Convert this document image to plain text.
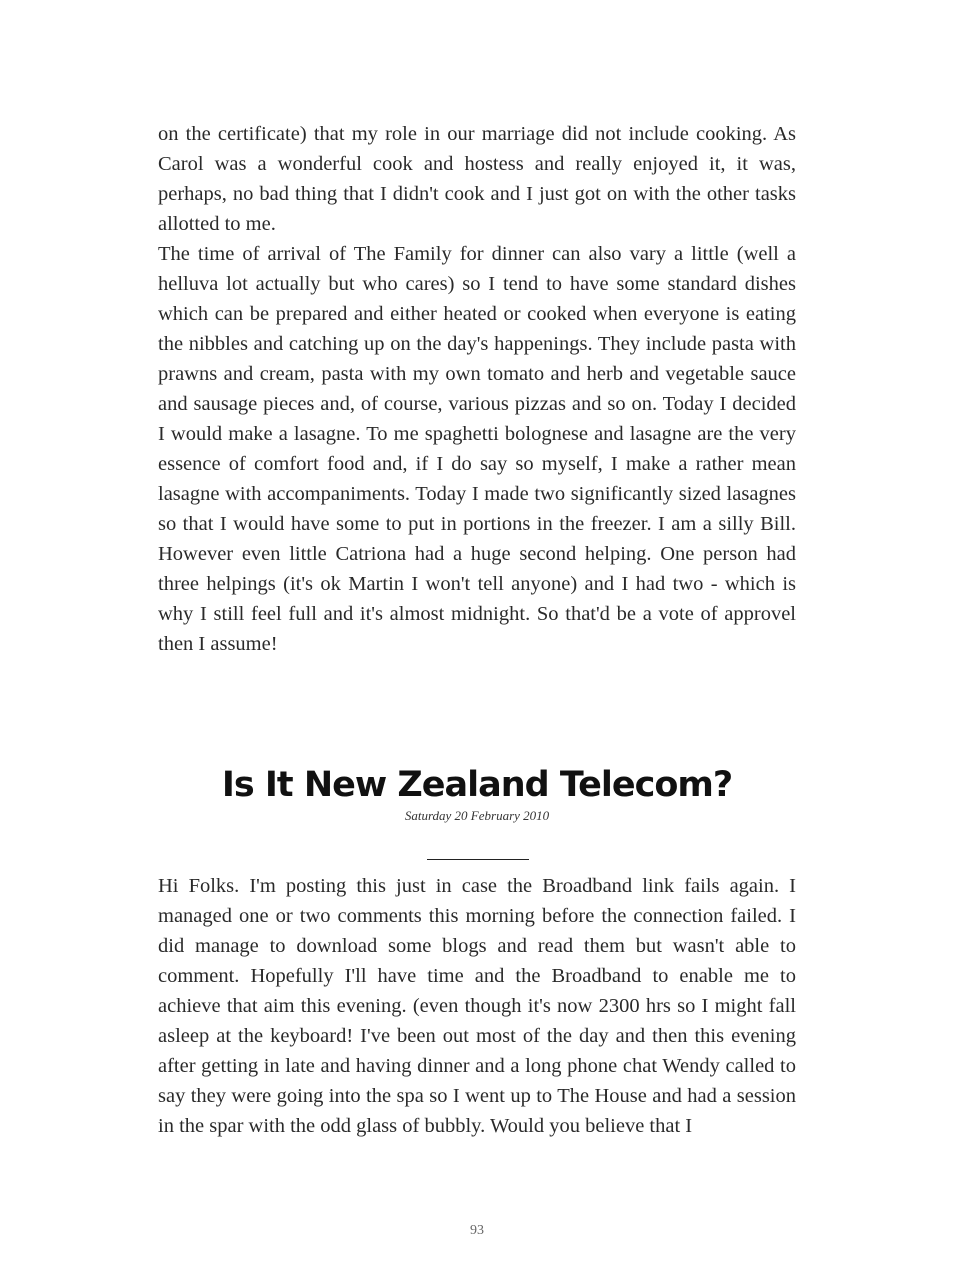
on the certificate) that my role in our marriage did not include cooking. As Carol was a wonderful cook and hostess and really enjoyed it, it was, perhaps, no bad thing that I didn't cook and I just got on with the other tasks allotted to me.

The time of arrival of The Family for dinner can also vary a little (well a helluva lot actually but who cares) so I tend to have some standard dishes which can be prepared and either heated or cooked when everyone is eating the nibbles and catching up on the day's happenings. They include pasta with prawns and cream, pasta with my own tomato and herb and vegetable sauce and sausage pieces and, of course, various pizzas and so on. Today I decided I would make a lasagne. To me spaghetti bolognese and lasagne are the very essence of comfort food and, if I do say so myself, I make a rather mean lasagne with accompaniments. Today I made two significantly sized lasagnes so that I would have some to put in portions in the freezer. I am a silly Bill. However even little Catriona had a huge second helping. One person had three helpings (it's ok Martin I won't tell anyone) and I had two - which is why I still feel full and it's almost midnight. So that'd be a vote of approvel then I assume!

Is It New Zealand Telecom?
Saturday 20 February 2010

Hi Folks. I'm posting this just in case the Broadband link fails again. I managed one or two comments this morning before the connection failed. I did manage to download some blogs and read them but wasn't able to comment. Hopefully I'll have time and the Broadband to enable me to achieve that aim this evening. (even though it's now 2300 hrs so I might fall asleep at the keyboard! I've been out most of the day and then this evening after getting in late and having dinner and a long phone chat Wendy called to say they were going into the spa so I went up to The House and had a session in the spar with the odd glass of bubbly. Would you believe that I

93
